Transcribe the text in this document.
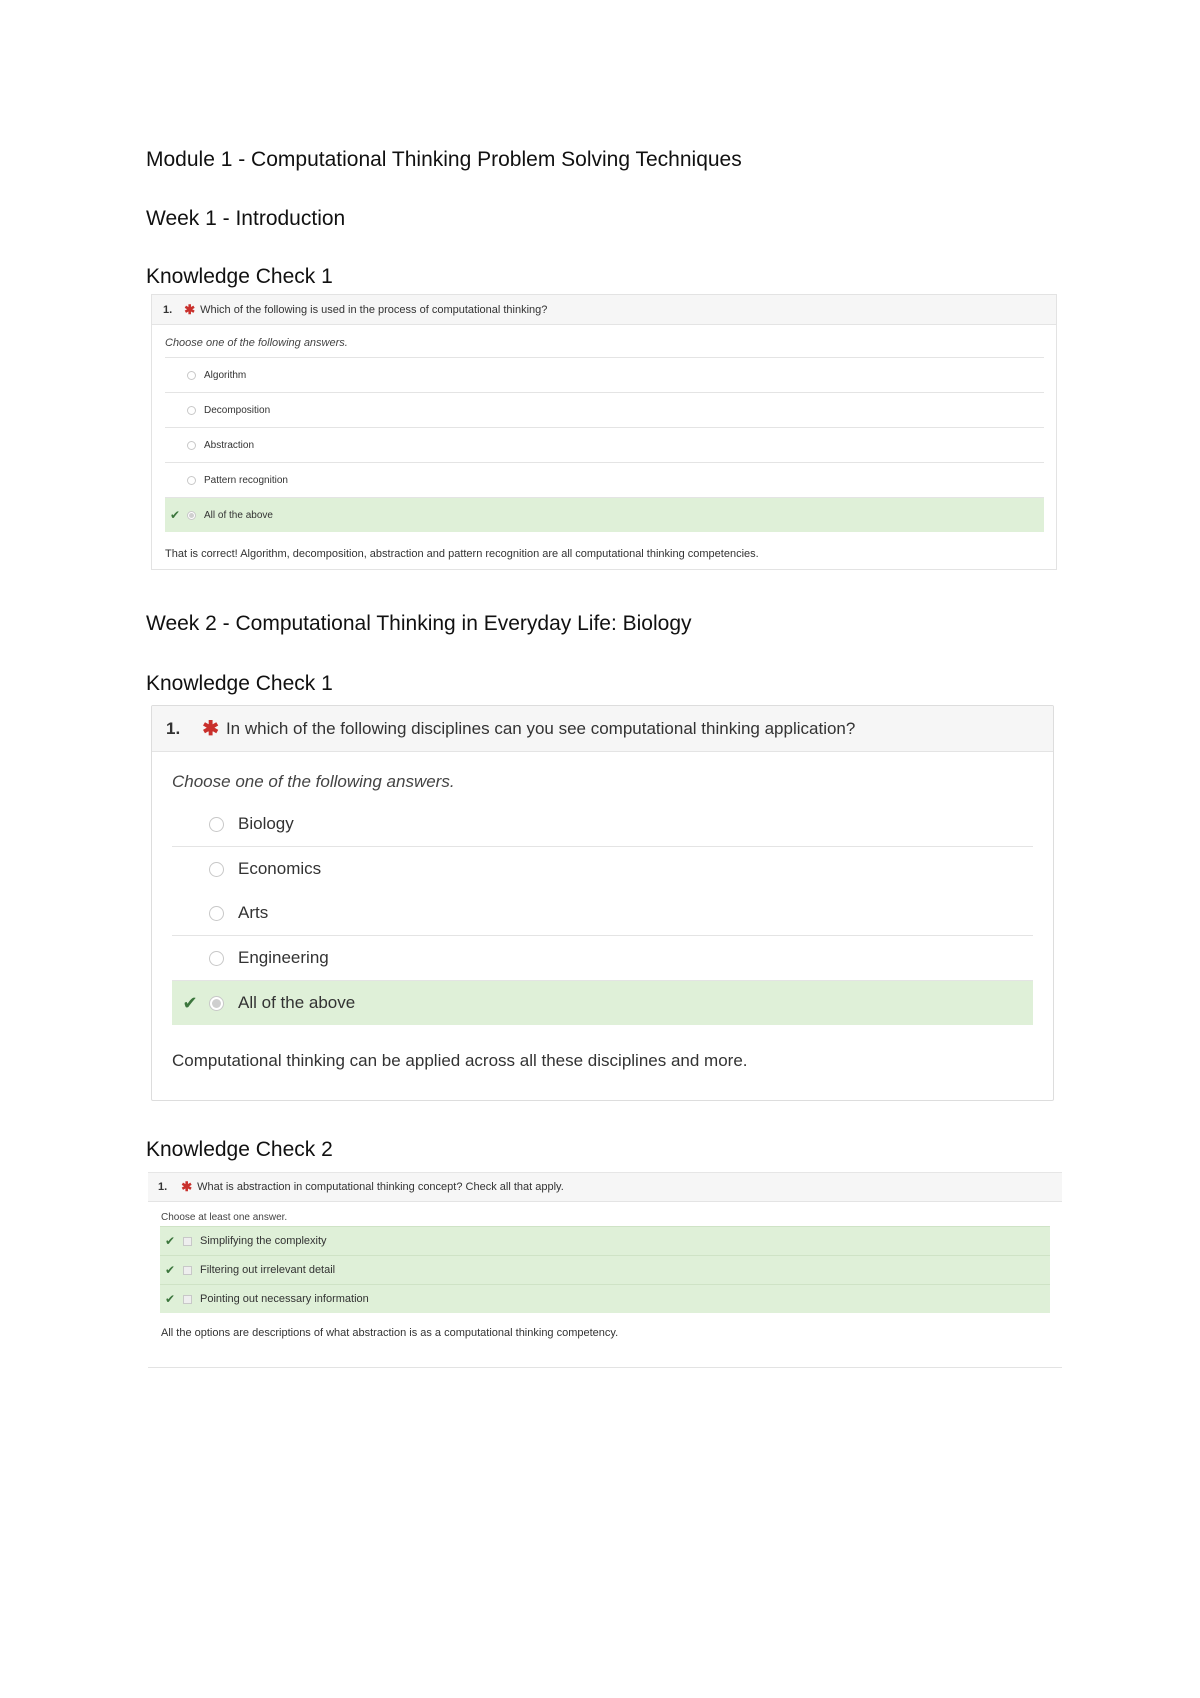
Module 1 - Computational Thinking Problem Solving Techniques
Week 1 - Introduction
Knowledge Check 1
1. ✱ Which of the following is used in the process of computational thinking?
Choose one of the following answers.
Algorithm
Decomposition
Abstraction
Pattern recognition
✔	All of the above
That is correct! Algorithm, decomposition, abstraction and pattern recognition are all computational thinking competencies.
Week 2 - Computational Thinking in Everyday Life: Biology
Knowledge Check 1
1. ✱ In which of the following disciplines can you see computational thinking application?
Choose one of the following answers.
Biology
Economics
Arts
Engineering
✔	All of the above
Computational thinking can be applied across all these disciplines and more.
Knowledge Check 2
1. ✱ What is abstraction in computational thinking concept? Check all that apply.
Choose at least one answer.
✔	Simplifying the complexity
✔	Filtering out irrelevant detail
✔	Pointing out necessary information
All the options are descriptions of what abstraction is as a computational thinking competency.
